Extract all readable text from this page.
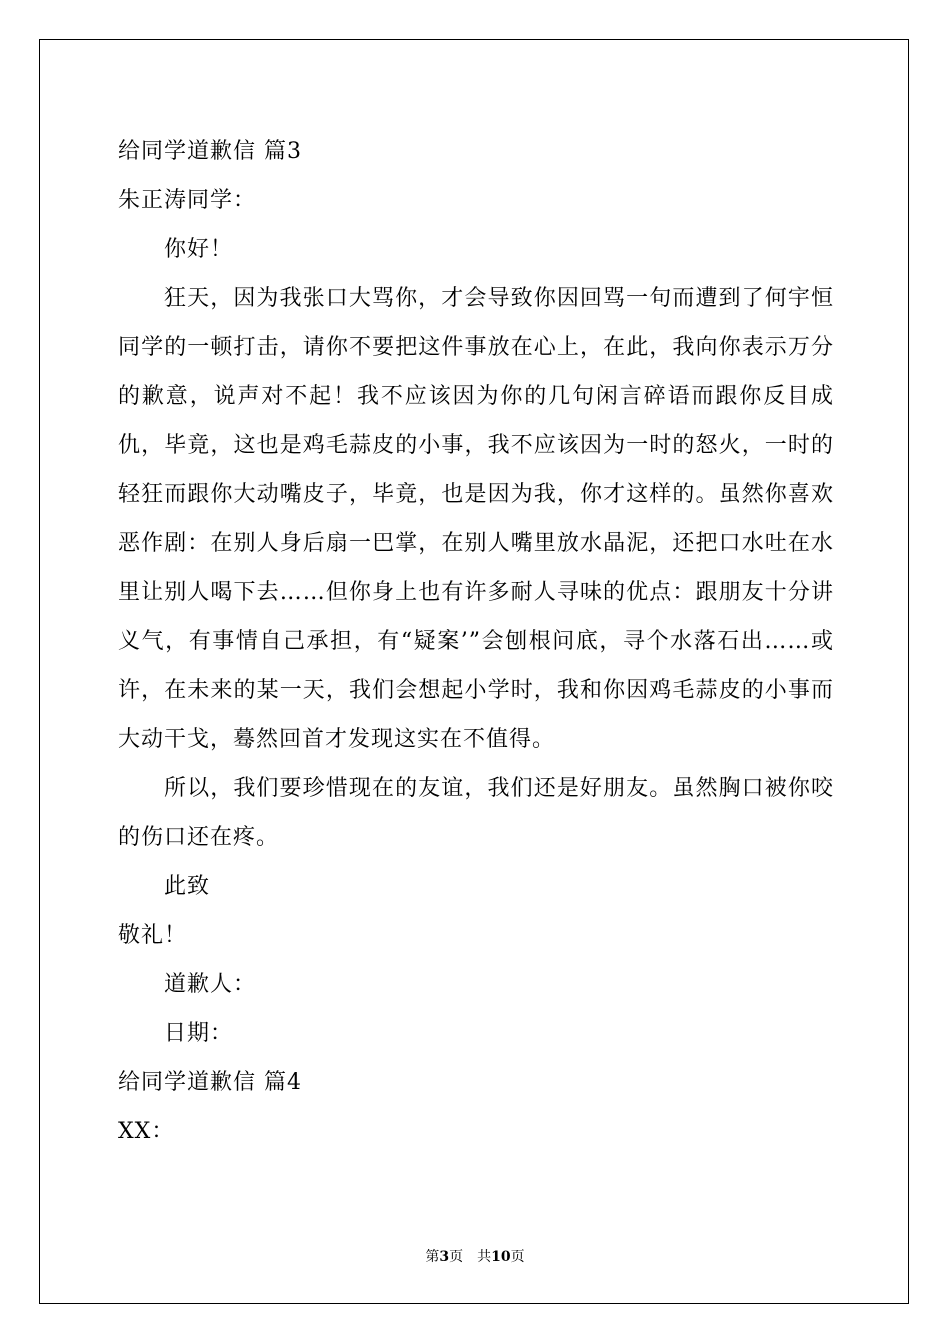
给同学道歉信 篇3

朱正涛同学：

你好！

狂天，因为我张口大骂你，才会导致你因回骂一句而遭到了何宇恒同学的一顿打击，请你不要把这件事放在心上，在此，我向你表示万分的歉意，说声对不起！我不应该因为你的几句闲言碎语而跟你反目成仇，毕竟，这也是鸡毛蒜皮的小事，我不应该因为一时的怒火，一时的轻狂而跟你大动嘴皮子，毕竟，也是因为我，你才这样的。虽然你喜欢恶作剧：在别人身后扇一巴掌，在别人嘴里放水晶泥，还把口水吐在水里让别人喝下去……但你身上也有许多耐人寻味的优点：跟朋友十分讲义气，有事情自己承担，有“疑案’”会刨根问底，寻个水落石出……或许，在未来的某一天，我们会想起小学时，我和你因鸡毛蒜皮的小事而大动干戈，蓦然回首才发现这实在不值得。

所以，我们要珍惜现在的友谊，我们还是好朋友。虽然胸口被你咬的伤口还在疼。

此致

敬礼！

道歉人：

日期：

给同学道歉信 篇4

XX：

第3页　共10页
